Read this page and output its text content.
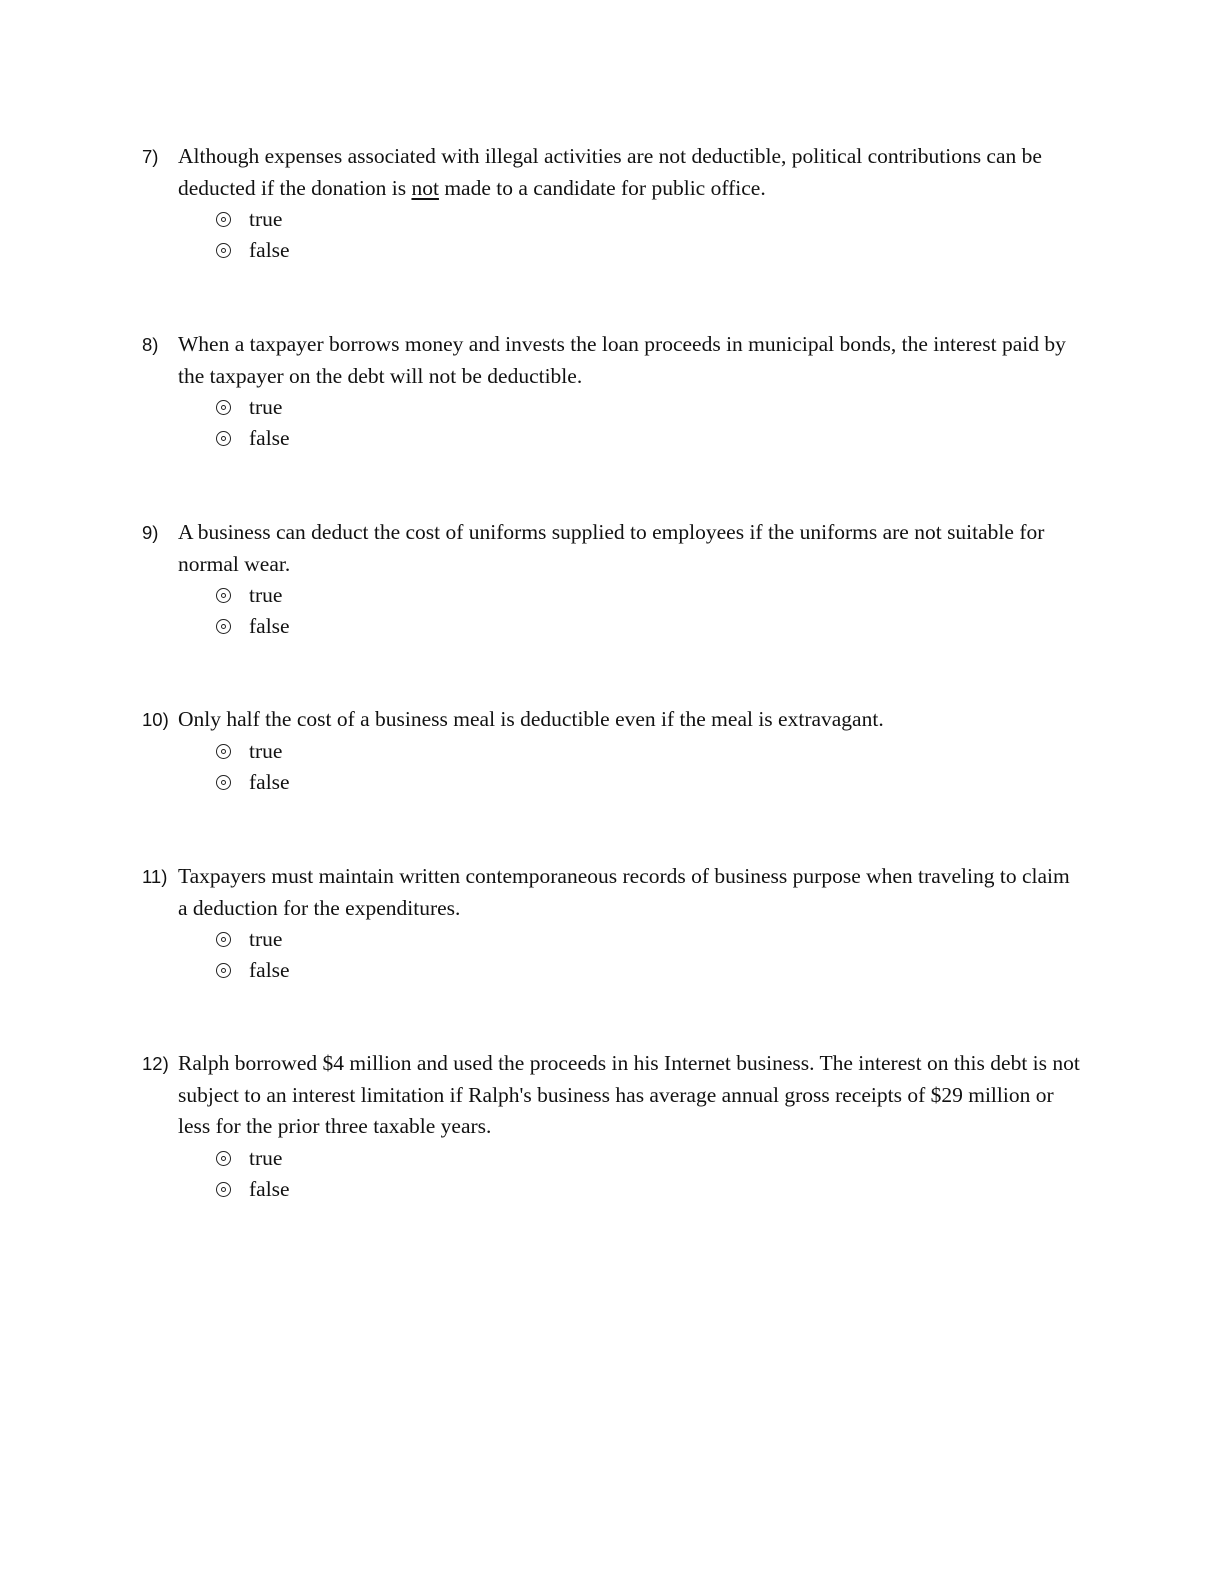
7) Although expenses associated with illegal activities are not deductible, political contributions can be deducted if the donation is not made to a candidate for public office.
true
false
8) When a taxpayer borrows money and invests the loan proceeds in municipal bonds, the interest paid by the taxpayer on the debt will not be deductible.
true
false
9) A business can deduct the cost of uniforms supplied to employees if the uniforms are not suitable for normal wear.
true
false
10) Only half the cost of a business meal is deductible even if the meal is extravagant.
true
false
11) Taxpayers must maintain written contemporaneous records of business purpose when traveling to claim a deduction for the expenditures.
true
false
12) Ralph borrowed $4 million and used the proceeds in his Internet business. The interest on this debt is not subject to an interest limitation if Ralph's business has average annual gross receipts of $29 million or less for the prior three taxable years.
true
false
